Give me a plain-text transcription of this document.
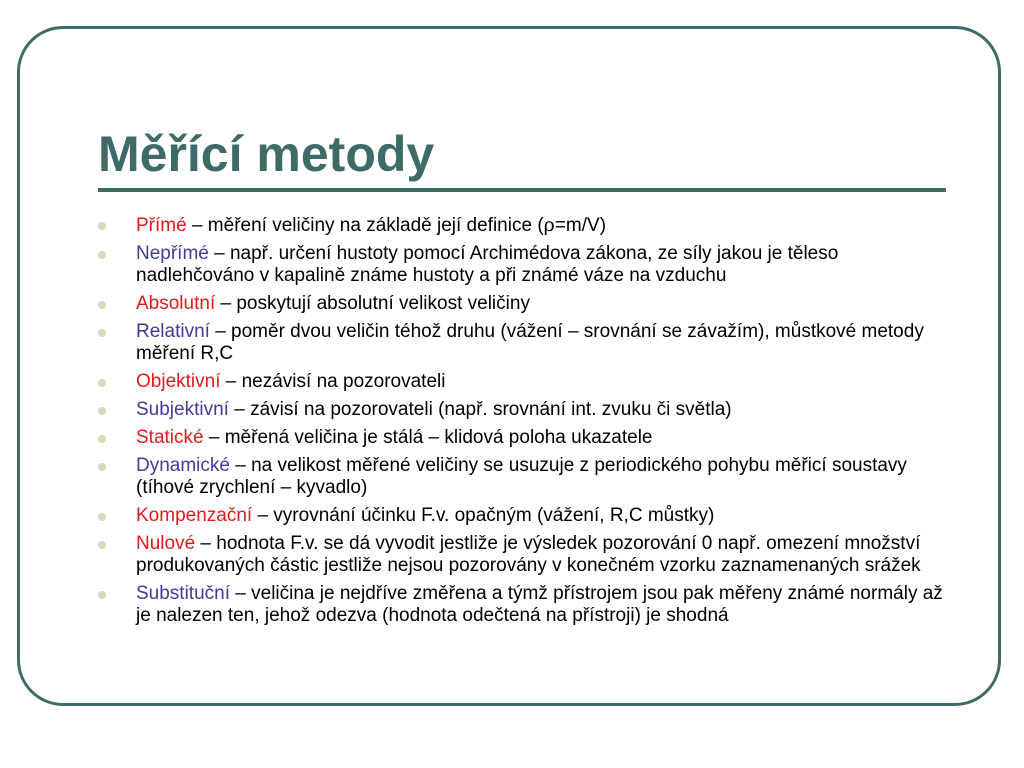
Měřící metody
Přímé – měření veličiny na základě její definice (ρ=m/V)
Nepřímé – např. určení hustoty pomocí Archimédova zákona, ze síly jakou je těleso nadlehčováno v kapalině známe hustoty a při známé váze na vzduchu
Absolutní – poskytují absolutní velikost veličiny
Relativní – poměr dvou veličin téhož druhu (vážení – srovnání se závažím), můstkové metody měření R,C
Objektivní – nezávisí na pozorovateli
Subjektivní – závisí na pozorovateli (např. srovnání int. zvuku či světla)
Statické – měřená veličina je stálá – klidová poloha ukazatele
Dynamické – na velikost měřené veličiny se usuzuje z periodického pohybu měřicí soustavy (tíhové zrychlení – kyvadlo)
Kompenzační – vyrovnání účinku F.v. opačným (vážení, R,C můstky)
Nulové – hodnota F.v. se dá vyvodit jestliže je výsledek pozorování 0 např. omezení množství produkovaných částic jestliže nejsou pozorovány v konečném vzorku zaznamenaných srážek
Substituční – veličina je nejdříve změřena a týmž přístrojem jsou pak měřeny známé normály až je nalezen ten, jehož odezva (hodnota odečtená na přístroji) je shodná
